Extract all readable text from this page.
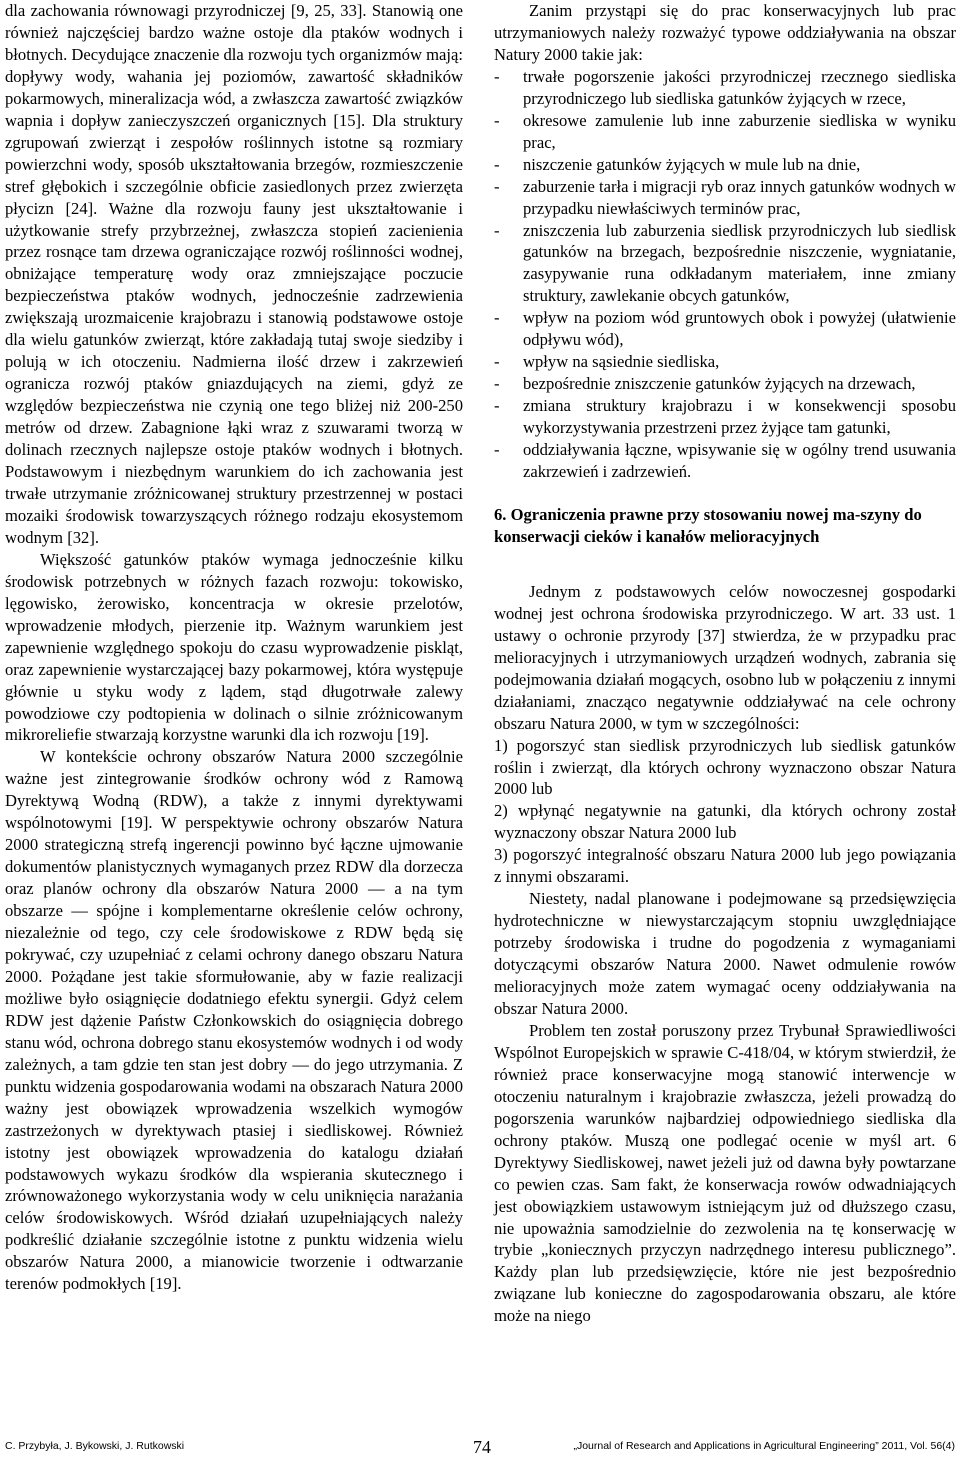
dla zachowania równowagi przyrodniczej [9, 25, 33]. Stanowią one również najczęściej bardzo ważne ostoje dla ptaków wodnych i błotnych. Decydujące znaczenie dla rozwoju tych organizmów mają: dopływy wody, wahania jej poziomów, zawartość składników pokarmowych, mineralizacja wód, a zwłaszcza zawartość związków wapnia i dopływ zanieczyszczeń organicznych [15]. Dla struktury zgrupowań zwierząt i zespołów roślinnych istotne są rozmiary powierzchni wody, sposób ukształtowania brzegów, rozmieszczenie stref głębokich i szczególnie obficie zasiedlonych przez zwierzęta płycizn [24]. Ważne dla rozwoju fauny jest ukształtowanie i użytkowanie strefy przybrzeżnej, zwłaszcza stopień zacienienia przez rosnące tam drzewa ograniczające rozwój roślinności wodnej, obniżające temperaturę wody oraz zmniejszające poczucie bezpieczeństwa ptaków wodnych, jednocześnie zadrzewienia zwiększają urozmaicenie krajobrazu i stanowią podstawowe ostoje dla wielu gatunków zwierząt, które zakładają tutaj swoje siedziby i polują w ich otoczeniu. Nadmierna ilość drzew i zakrzewień ogranicza rozwój ptaków gniazdujących na ziemi, gdyż ze względów bezpieczeństwa nie czynią one tego bliżej niż 200-250 metrów od drzew. Zabagnione łąki wraz z szuwarami tworzą w dolinach rzecznych najlepsze ostoje ptaków wodnych i błotnych. Podstawowym i niezbędnym warunkiem do ich zachowania jest trwałe utrzymanie zróżnicowanej struktury przestrzennej w postaci mozaiki środowisk towarzyszących różnego rodzaju ekosystemom wodnym [32].

Większość gatunków ptaków wymaga jednocześnie kilku środowisk potrzebnych w różnych fazach rozwoju: tokowisko, lęgowisko, żerowisko, koncentracja w okresie przelotów, wprowadzenie młodych, pierzenie itp. Ważnym warunkiem jest zapewnienie względnego spokoju do czasu wyprowadzenie piskląt, oraz zapewnienie wystarczającej bazy pokarmowej, która występuje głównie u styku wody z lądem, stąd długotrwałe zalewy powodziowe czy podtopienia w dolinach o silnie zróżnicowanym mikroreliefie stwarzają korzystne warunki dla ich rozwoju [19].

W kontekście ochrony obszarów Natura 2000 szczególnie ważne jest zintegrowanie środków ochrony wód z Ramową Dyrektywą Wodną (RDW), a także z innymi dyrektywami wspólnotowymi [19]. W perspektywie ochrony obszarów Natura 2000 strategiczną strefą ingerencji powinno być łączne ujmowanie dokumentów planistycznych wymaganych przez RDW dla dorzecza oraz planów ochrony dla obszarów Natura 2000 — a na tym obszarze — spójne i komplementarne określenie celów ochrony, niezależnie od tego, czy cele środowiskowe z RDW będą się pokrywać, czy uzupełniać z celami ochrony danego obszaru Natura 2000. Pożądane jest takie sformułowanie, aby w fazie realizacji możliwe było osiągnięcie dodatniego efektu synergii. Gdyż celem RDW jest dążenie Państw Członkowskich do osiągnięcia dobrego stanu wód, ochrona dobrego stanu ekosystemów wodnych i od wody zależnych, a tam gdzie ten stan jest dobry — do jego utrzymania. Z punktu widzenia gospodarowania wodami na obszarach Natura 2000 ważny jest obowiązek wprowadzenia wszelkich wymogów zastrzeżonych w dyrektywach ptasiej i siedliskowej. Również istotny jest obowiązek wprowadzenia do katalogu działań podstawowych wykazu środków dla wspierania skutecznego i zrównoważonego wykorzystania wody w celu uniknięcia narażania celów środowiskowych. Wśród działań uzupełniających należy podkreślić działanie szczególnie istotne z punktu widzenia wielu obszarów Natura 2000, a mianowicie tworzenie i odtwarzanie terenów podmokłych [19].

Zanim przystąpi się do prac konserwacyjnych lub prac utrzymaniowych należy rozważyć typowe oddziaływania na obszar Natury 2000 takie jak:

- trwałe pogorszenie jakości przyrodniczej rzecznego siedliska przyrodniczego lub siedliska gatunków żyjących w rzece,
- okresowe zamulenie lub inne zaburzenie siedliska w wyniku prac,
- niszczenie gatunków żyjących w mule lub na dnie,
- zaburzenie tarła i migracji ryb oraz innych gatunków wodnych w przypadku niewłaściwych terminów prac,
- zniszczenia lub zaburzenia siedlisk przyrodniczych lub siedlisk gatunków na brzegach, bezpośrednie niszczenie, wygniatanie, zasypywanie runa odkładanym materiałem, inne zmiany struktury, zawlekanie obcych gatunków,
- wpływ na poziom wód gruntowych obok i powyżej (ułatwienie odpływu wód),
- wpływ na sąsiednie siedliska,
- bezpośrednie zniszczenie gatunków żyjących na drzewach,
- zmiana struktury krajobrazu i w konsekwencji sposobu wykorzystywania przestrzeni przez żyjące tam gatunki,
- oddziaływania łączne, wpisywanie się w ogólny trend usuwania zakrzewień i zadrzewień.
6. Ograniczenia prawne przy stosowaniu nowej ma-szyny do konserwacji cieków i kanałów melioracyjnych

Jednym z podstawowych celów nowoczesnej gospodarki wodnej jest ochrona środowiska przyrodniczego. W art. 33 ust. 1 ustawy o ochronie przyrody [37] stwierdza, że w przypadku prac melioracyjnych i utrzymaniowych urządzeń wodnych, zabrania się podejmowania działań mogących, osobno lub w połączeniu z innymi działaniami, znacząco negatywnie oddziaływać na cele ochrony obszaru Natura 2000, w tym w szczególności:

1) pogorszyć stan siedlisk przyrodniczych lub siedlisk gatunków roślin i zwierząt, dla których ochrony wyznaczono obszar Natura 2000 lub
2) wpłynąć negatywnie na gatunki, dla których ochrony został wyznaczony obszar Natura 2000 lub
3) pogorszyć integralność obszaru Natura 2000 lub jego powiązania z innymi obszarami.

Niestety, nadal planowane i podejmowane są przedsięwzięcia hydrotechniczne w niewystarczającym stopniu uwzględniające potrzeby środowiska i trudne do pogodzenia z wymaganiami dotyczącymi obszarów Natura 2000. Nawet odmulenie rowów melioracyjnych może zatem wymagać oceny oddziaływania na obszar Natura 2000.

Problem ten został poruszony przez Trybunał Sprawiedliwości Wspólnot Europejskich w sprawie C-418/04, w którym stwierdził, że również prace konserwacyjne mogą stanowić interwencje w otoczeniu naturalnym i krajobrazie zwłaszcza, jeżeli prowadzą do pogorszenia warunków najbardziej odpowiedniego siedliska dla ochrony ptaków. Muszą one podlegać ocenie w myśl art. 6 Dyrektywy Siedliskowej, nawet jeżeli już od dawna były powtarzane co pewien czas. Sam fakt, że konserwacja rowów odwadniających jest obowiązkiem ustawowym istniejącym już od dłuższego czasu, nie upoważnia samodzielnie do zezwolenia na tę konserwację w trybie „koniecznych przyczyn nadrzędnego interesu publicznego”. Każdy plan lub przedsięwzięcie, które nie jest bezpośrednio związane lub konieczne do zagospodarowania obszaru, ale które może na niego

C. Przybyła, J. Bykowski, J. Rutkowski	74	„Journal of Research and Applications in Agricultural Engineering” 2011, Vol. 56(4)
